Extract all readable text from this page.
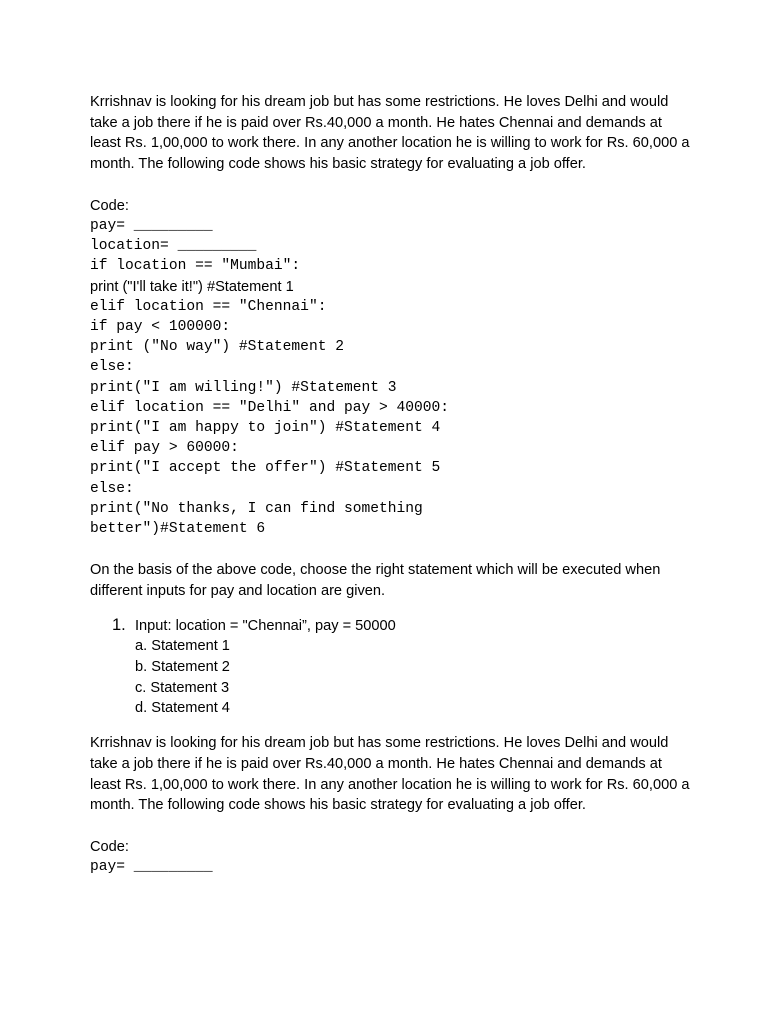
Krrishnav is looking for his dream job but has some restrictions. He loves Delhi and would take a job there if he is paid over Rs.40,000 a month. He hates Chennai and demands at least Rs. 1,00,000 to work there. In any another location he is willing to work for Rs. 60,000 a month. The following code shows his basic strategy for evaluating a job offer.

Code:
pay= _________
location= _________
if location == "Mumbai":
print ("I'll take it!") #Statement 1
elif location == "Chennai":
if pay < 100000:
print ("No way") #Statement 2
else:
print("I am willing!") #Statement 3
elif location == "Delhi" and pay > 40000:
print("I am happy to join") #Statement 4
elif pay > 60000:
print("I accept the offer") #Statement 5
else:
print("No thanks, I can find something
better")#Statement 6

On the basis of the above code, choose the right statement which will be executed when different inputs for pay and location are given.

1. Input: location = "Chennai”, pay = 50000
a. Statement 1
b. Statement 2
c. Statement 3
d. Statement 4

Krrishnav is looking for his dream job but has some restrictions. He loves Delhi and would take a job there if he is paid over Rs.40,000 a month. He hates Chennai and demands at least Rs. 1,00,000 to work there. In any another location he is willing to work for Rs. 60,000 a month. The following code shows his basic strategy for evaluating a job offer.

Code:
pay= _________
